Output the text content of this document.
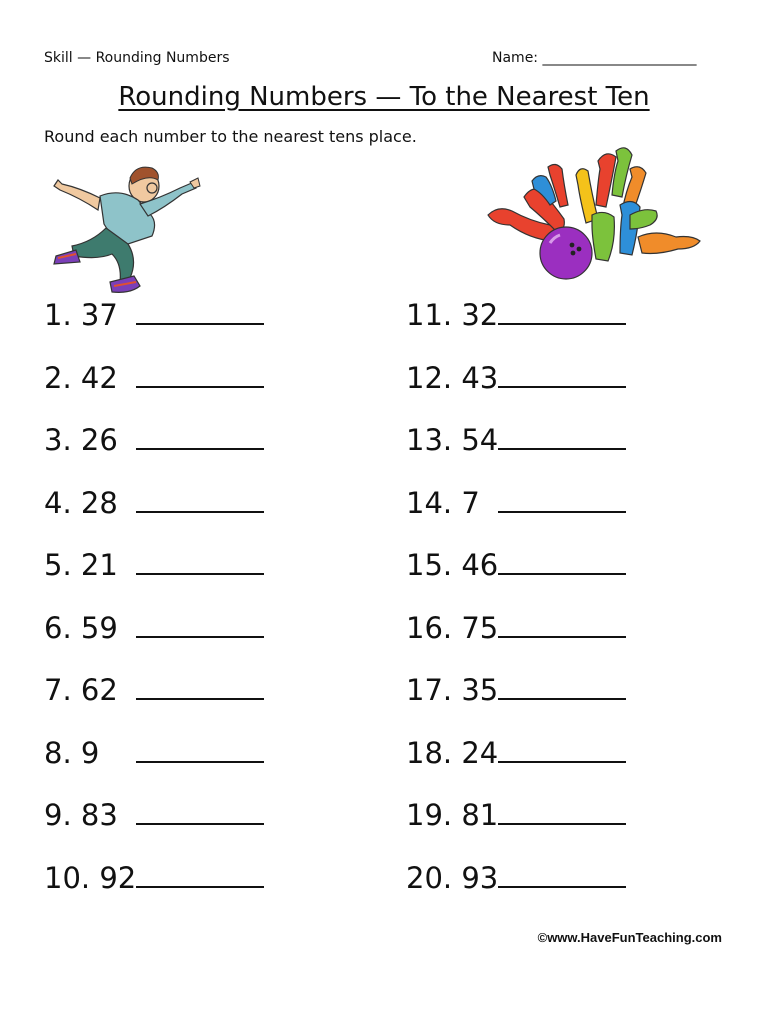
Skill — Rounding Numbers	Name: ______________________
Rounding Numbers — To the Nearest Ten
Round each number to the nearest tens place.
1. 37
2. 42
3. 26
4. 28
5. 21
6. 59
7. 62
8. 9
9. 83
10. 92
11. 32
12. 43
13. 54
14. 7
15. 46
16. 75
17. 35
18. 24
19. 81
20. 93
©www.HaveFunTeaching.com
